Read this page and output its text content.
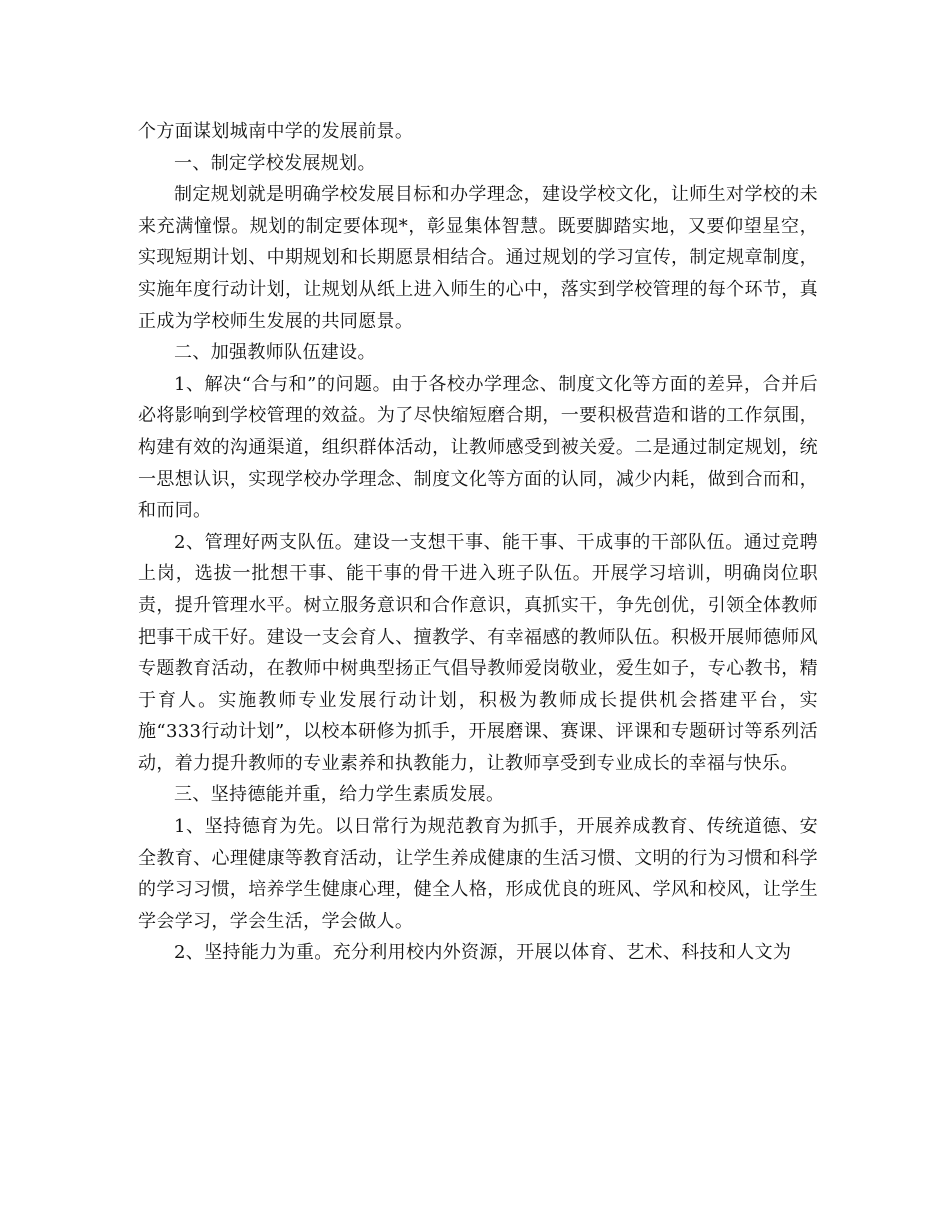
个方面谋划城南中学的发展前景。

一、制定学校发展规划。

制定规划就是明确学校发展目标和办学理念，建设学校文化，让师生对学校的未来充满憧憬。规划的制定要体现*，彰显集体智慧。既要脚踏实地，又要仰望星空，实现短期计划、中期规划和长期愿景相结合。通过规划的学习宣传，制定规章制度，实施年度行动计划，让规划从纸上进入师生的心中，落实到学校管理的每个环节，真正成为学校师生发展的共同愿景。

二、加强教师队伍建设。

1、解决“合与和”的问题。由于各校办学理念、制度文化等方面的差异，合并后必将影响到学校管理的效益。为了尽快缩短磨合期，一要积极营造和谐的工作氛围，构建有效的沟通渠道，组织群体活动，让教师感受到被关爱。二是通过制定规划，统一思想认识，实现学校办学理念、制度文化等方面的认同，减少内耗，做到合而和，和而同。

2、管理好两支队伍。建设一支想干事、能干事、干成事的干部队伍。通过竞聘上岗，选拔一批想干事、能干事的骨干进入班子队伍。开展学习培训，明确岗位职责，提升管理水平。树立服务意识和合作意识，真抓实干，争先创优，引领全体教师把事干成干好。建设一支会育人、擅教学、有幸福感的教师队伍。积极开展师德师风专题教育活动，在教师中树典型扬正气倡导教师爱岗敬业，爱生如子，专心教书，精于育人。实施教师专业发展行动计划，积极为教师成长提供机会搭建平台，实施“333行动计划”，以校本研修为抓手，开展磨课、赛课、评课和专题研讨等系列活动，着力提升教师的专业素养和执教能力，让教师享受到专业成长的幸福与快乐。

三、坚持德能并重，给力学生素质发展。

1、坚持德育为先。以日常行为规范教育为抓手，开展养成教育、传统道德、安全教育、心理健康等教育活动，让学生养成健康的生活习惯、文明的行为习惯和科学的学习习惯，培养学生健康心理，健全人格，形成优良的班风、学风和校风，让学生学会学习，学会生活，学会做人。

2、坚持能力为重。充分利用校内外资源，开展以体育、艺术、科技和人文为
